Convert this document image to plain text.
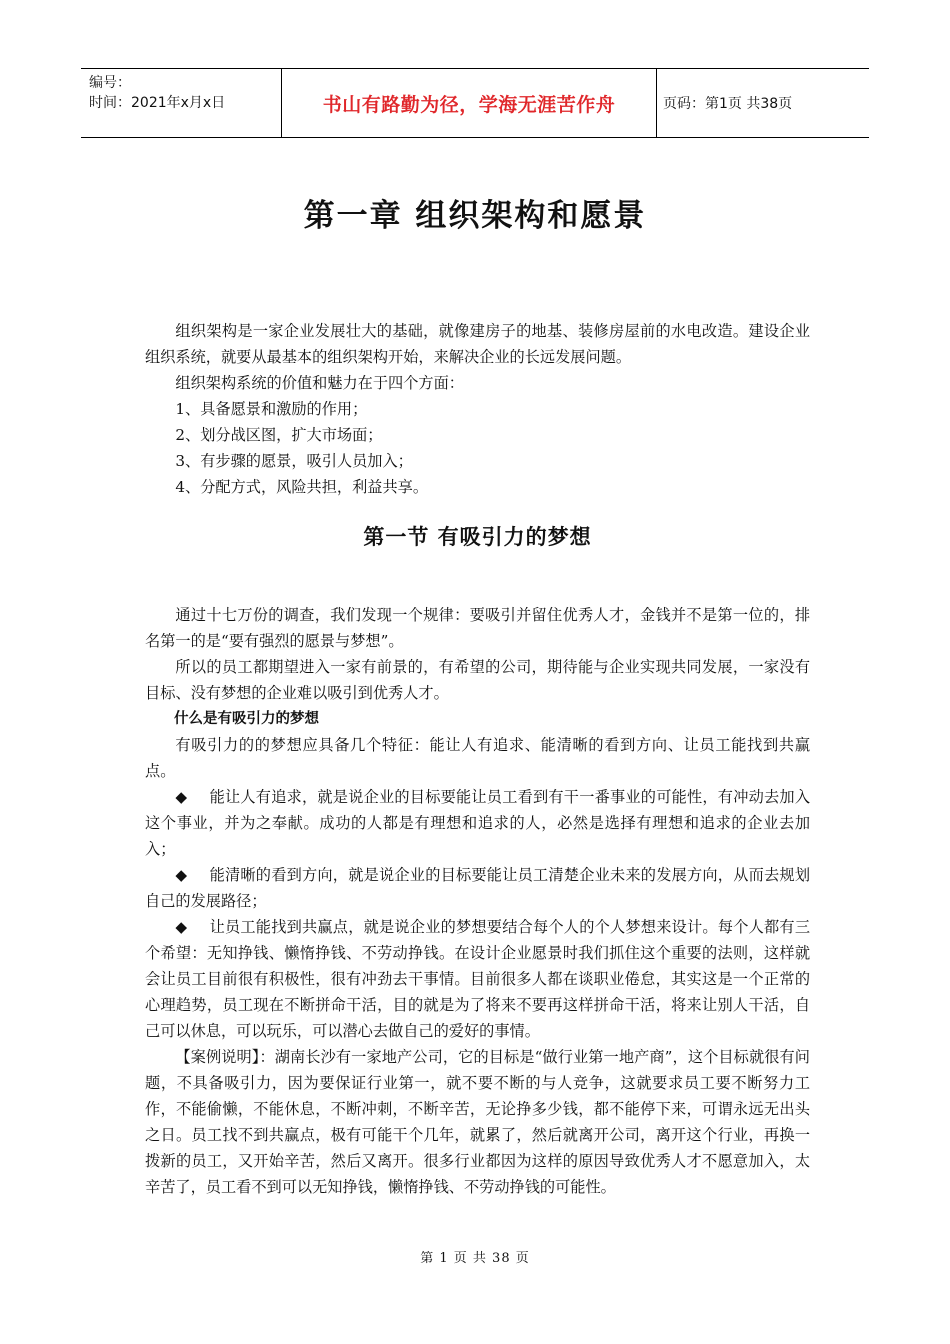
编号：
时间：2021年x月x日	书山有路勤为径，学海无涯苦作舟	页码：第1页 共38页
第一章 组织架构和愿景

组织架构是一家企业发展壮大的基础，就像建房子的地基、装修房屋前的水电改造。建设企业组织系统，就要从最基本的组织架构开始，来解决企业的长远发展问题。

组织架构系统的价值和魅力在于四个方面：

1、具备愿景和激励的作用；

2、划分战区图，扩大市场面；

3、有步骤的愿景，吸引人员加入；

4、分配方式，风险共担，利益共享。

第一节 有吸引力的梦想

通过十七万份的调查，我们发现一个规律：要吸引并留住优秀人才，金钱并不是第一位的，排名第一的是“要有强烈的愿景与梦想”。

所以的员工都期望进入一家有前景的，有希望的公司，期待能与企业实现共同发展，一家没有目标、没有梦想的企业难以吸引到优秀人才。

什么是有吸引力的梦想

有吸引力的的梦想应具备几个特征：能让人有追求、能清晰的看到方向、让员工能找到共赢点。

◆ 能让人有追求，就是说企业的目标要能让员工看到有干一番事业的可能性，有冲动去加入这个事业，并为之奉献。成功的人都是有理想和追求的人，必然是选择有理想和追求的企业去加入；

◆ 能清晰的看到方向，就是说企业的目标要能让员工清楚企业未来的发展方向，从而去规划自己的发展路径；

◆ 让员工能找到共赢点，就是说企业的梦想要结合每个人的个人梦想来设计。每个人都有三个希望：无知挣钱、懒惰挣钱、不劳动挣钱。在设计企业愿景时我们抓住这个重要的法则，这样就会让员工目前很有积极性，很有冲劲去干事情。目前很多人都在谈职业倦怠，其实这是一个正常的心理趋势，员工现在不断拼命干活，目的就是为了将来不要再这样拼命干活，将来让别人干活，自己可以休息，可以玩乐，可以潜心去做自己的爱好的事情。

【案例说明】：湖南长沙有一家地产公司，它的目标是“做行业第一地产商”，这个目标就很有问题，不具备吸引力，因为要保证行业第一，就不要不断的与人竞争，这就要求员工要不断努力工作，不能偷懒，不能休息，不断冲刺，不断辛苦，无论挣多少钱，都不能停下来，可谓永远无出头之日。员工找不到共赢点，极有可能干个几年，就累了，然后就离开公司，离开这个行业，再换一拨新的员工，又开始辛苦，然后又离开。很多行业都因为这样的原因导致优秀人才不愿意加入，太辛苦了，员工看不到可以无知挣钱，懒惰挣钱、不劳动挣钱的可能性。

第 1 页 共 38 页
